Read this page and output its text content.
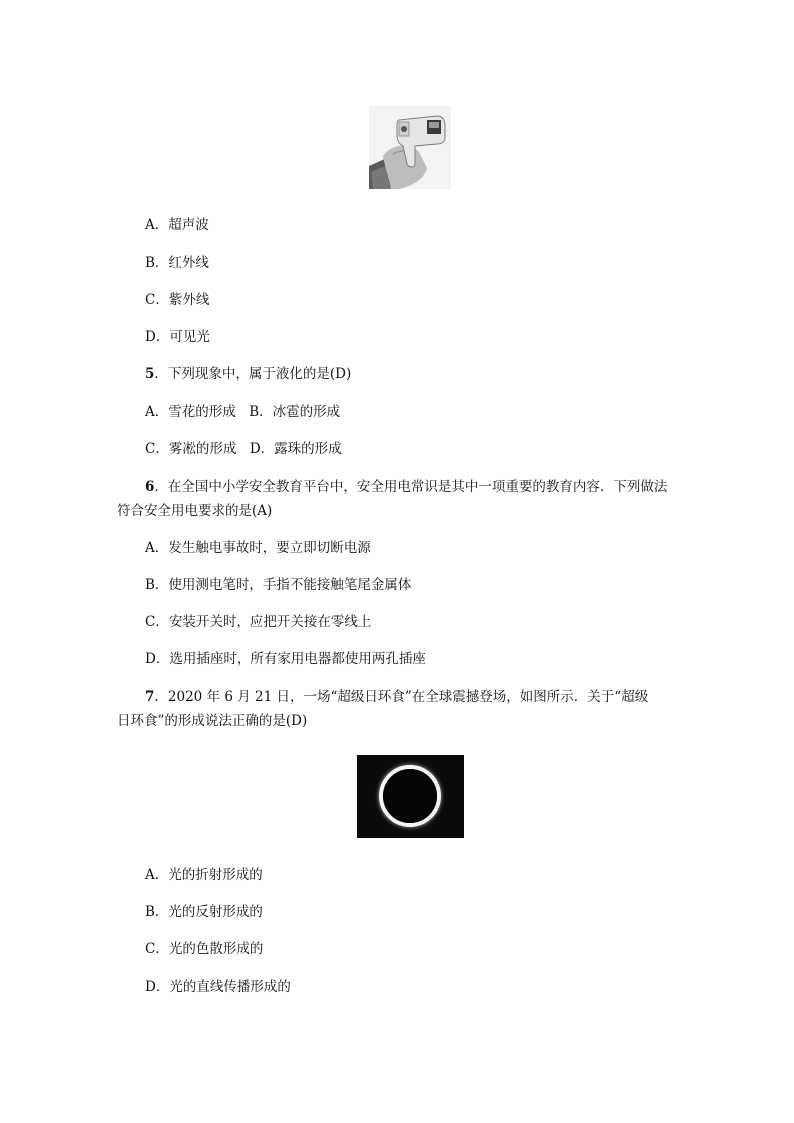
A．超声波
B．红外线
C．紫外线
D．可见光
5．下列现象中，属于液化的是(D)
A．雪花的形成　B．冰雹的形成
C．雾凇的形成　D．露珠的形成
6．在全国中小学安全教育平台中，安全用电常识是其中一项重要的教育内容．下列做法
符合安全用电要求的是(A)
A．发生触电事故时，要立即切断电源
B．使用测电笔时，手指不能接触笔尾金属体
C．安装开关时，应把开关接在零线上
D．选用插座时，所有家用电器都使用两孔插座
7．2020 年 6 月 21 日，一场“超级日环食”在全球震撼登场，如图所示．关于“超级
日环食”的形成说法正确的是(D)
A．光的折射形成的
B．光的反射形成的
C．光的色散形成的
D．光的直线传播形成的
